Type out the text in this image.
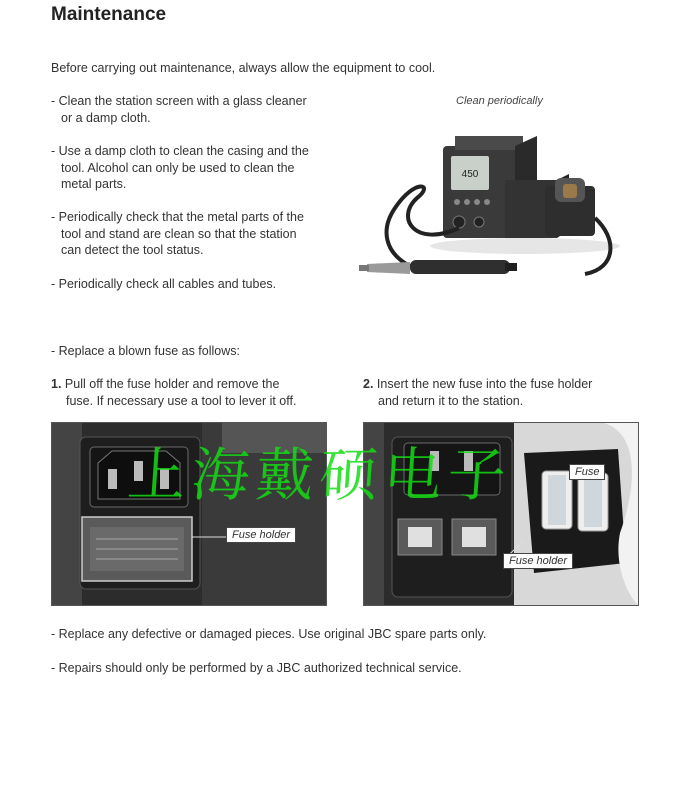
Maintenance
Before carrying out maintenance, always allow the equipment to cool.
- Clean the station screen with a glass cleaner
or a damp cloth.
- Use a damp cloth to clean the casing and the
tool. Alcohol can only be used to clean the
metal parts.
- Periodically check that the metal parts of the
tool and stand are clean so that the station
can detect the tool status.
- Periodically check all cables and tubes.
Clean periodically
450
- Replace a blown fuse as follows:
1. Pull off the fuse holder and remove the
fuse. If necessary use a tool to lever it off.
2. Insert the new fuse into the fuse holder
and return it to the station.
Fuse holder
Fuse
Fuse holder
上海戴硕电子
- Replace any defective or damaged pieces. Use original JBC spare parts only.
- Repairs should only be performed by a JBC authorized technical service.
